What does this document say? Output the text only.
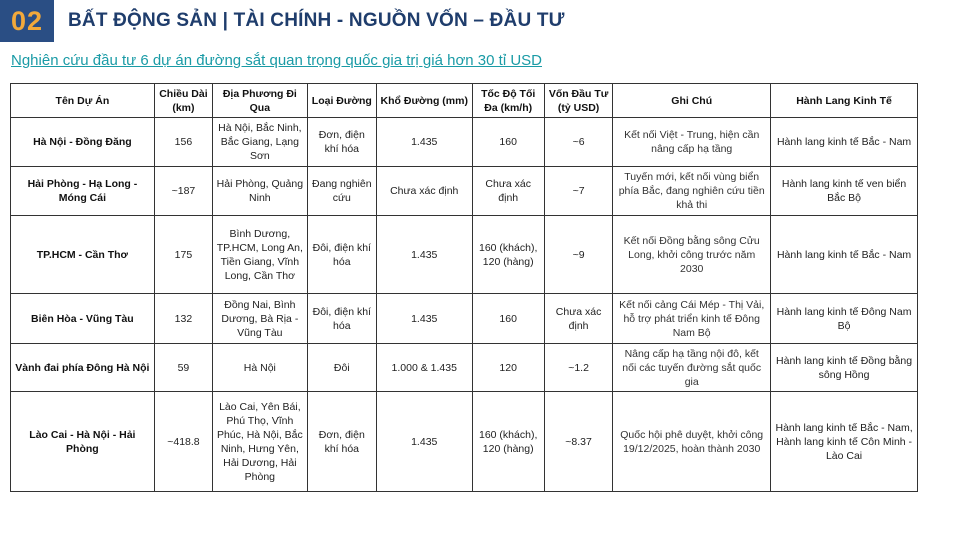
02	BẤT ĐỘNG SẢN | TÀI CHÍNH - NGUỒN VỐN – ĐẦU TƯ
Nghiên cứu đầu tư 6 dự án đường sắt quan trọng quốc gia trị giá hơn 30 tỉ USD
Tên Dự Án	Chiều Dài (km)	Địa Phương Đi Qua	Loại Đường	Khổ Đường (mm)	Tốc Độ Tối Đa (km/h)	Vốn Đầu Tư (tỷ USD)	Ghi Chú	Hành Lang Kinh Tế
Hà Nội - Đồng Đăng	156	Hà Nội, Bắc Ninh, Bắc Giang, Lạng Sơn	Đơn, điện khí hóa	1.435	160	~6	Kết nối Việt - Trung, hiện cần nâng cấp hạ tầng	Hành lang kinh tế Bắc - Nam
Hải Phòng - Hạ Long - Móng Cái	~187	Hải Phòng, Quảng Ninh	Đang nghiên cứu	Chưa xác định	Chưa xác định	~7	Tuyến mới, kết nối vùng biển phía Bắc, đang nghiên cứu tiền khả thi	Hành lang kinh tế ven biển Bắc Bộ
TP.HCM - Cần Thơ	175	Bình Dương, TP.HCM, Long An, Tiền Giang, Vĩnh Long, Cần Thơ	Đôi, điện khí hóa	1.435	160 (khách), 120 (hàng)	~9	Kết nối Đồng bằng sông Cửu Long, khởi công trước năm 2030	Hành lang kinh tế Bắc - Nam
Biên Hòa - Vũng Tàu	132	Đồng Nai, Bình Dương, Bà Rịa - Vũng Tàu	Đôi, điện khí hóa	1.435	160	Chưa xác định	Kết nối cảng Cái Mép - Thị Vải, hỗ trợ phát triển kinh tế Đông Nam Bộ	Hành lang kinh tế Đông Nam Bộ
Vành đai phía Đông Hà Nội	59	Hà Nội	Đôi	1.000 & 1.435	120	~1.2	Nâng cấp hạ tầng nội đô, kết nối các tuyến đường sắt quốc gia	Hành lang kinh tế Đồng bằng sông Hồng
Lào Cai - Hà Nội - Hải Phòng	~418.8	Lào Cai, Yên Bái, Phú Thọ, Vĩnh Phúc, Hà Nội, Bắc Ninh, Hưng Yên, Hải Dương, Hải Phòng	Đơn, điện khí hóa	1.435	160 (khách), 120 (hàng)	~8.37	Quốc hội phê duyệt, khởi công 19/12/2025, hoàn thành 2030	Hành lang kinh tế Bắc - Nam, Hành lang kinh tế Côn Minh - Lào Cai
